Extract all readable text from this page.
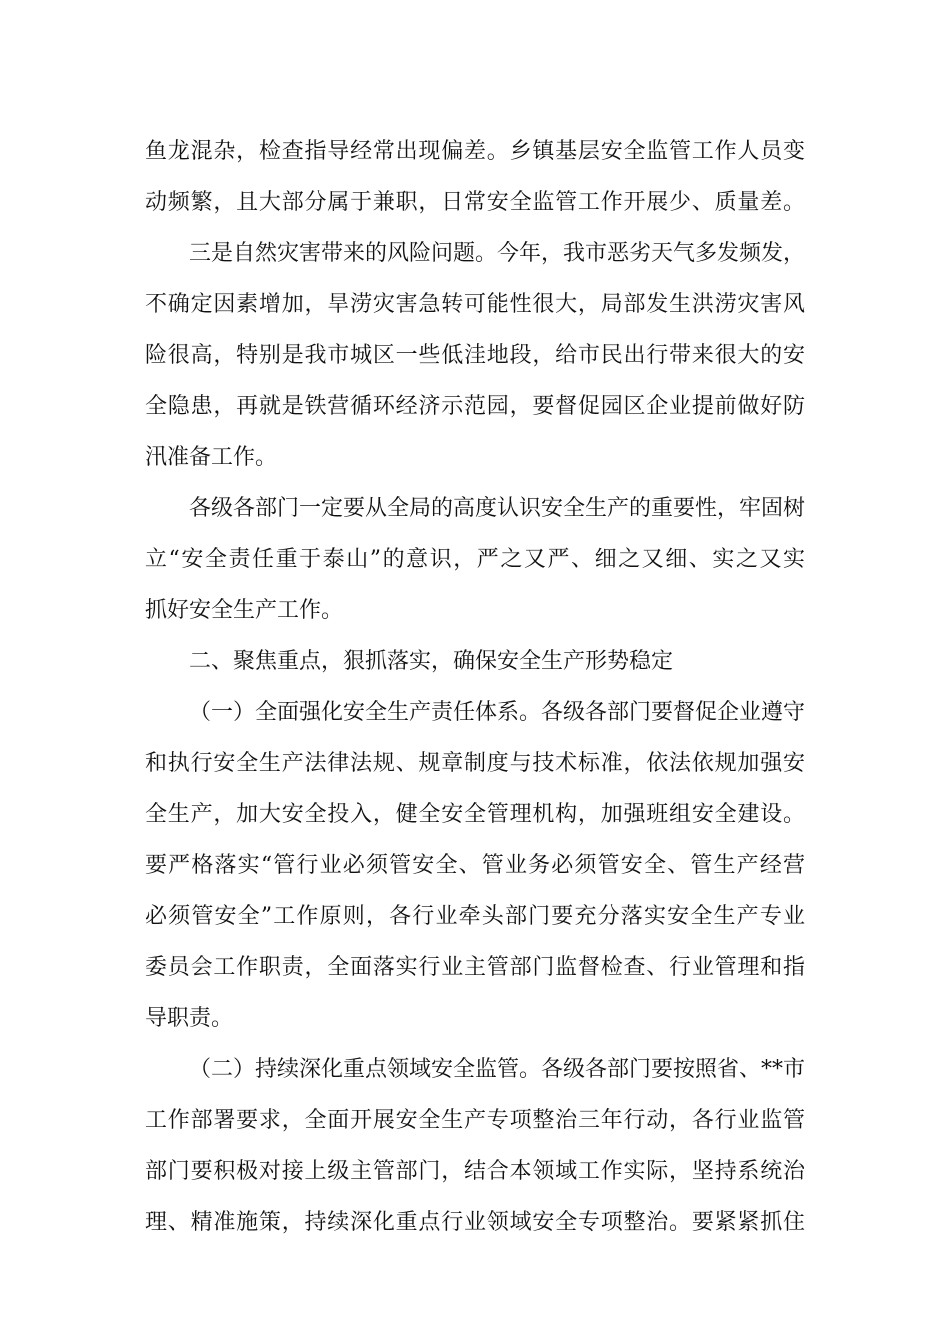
鱼龙混杂，检查指导经常出现偏差。乡镇基层安全监管工作人员变
动频繁，且大部分属于兼职，日常安全监管工作开展少、质量差。
三是自然灾害带来的风险问题。今年，我市恶劣天气多发频发，
不确定因素增加，旱涝灾害急转可能性很大，局部发生洪涝灾害风
险很高，特别是我市城区一些低洼地段，给市民出行带来很大的安
全隐患，再就是铁营循环经济示范园，要督促园区企业提前做好防
汛准备工作。
各级各部门一定要从全局的高度认识安全生产的重要性，牢固树
立“安全责任重于泰山”的意识，严之又严、细之又细、实之又实
抓好安全生产工作。
二、聚焦重点，狠抓落实，确保安全生产形势稳定
（一）全面强化安全生产责任体系。各级各部门要督促企业遵守
和执行安全生产法律法规、规章制度与技术标准，依法依规加强安
全生产，加大安全投入，健全安全管理机构，加强班组安全建设。
要严格落实“管行业必须管安全、管业务必须管安全、管生产经营
必须管安全”工作原则，各行业牵头部门要充分落实安全生产专业
委员会工作职责，全面落实行业主管部门监督检查、行业管理和指
导职责。
（二）持续深化重点领域安全监管。各级各部门要按照省、**市
工作部署要求，全面开展安全生产专项整治三年行动，各行业监管
部门要积极对接上级主管部门，结合本领域工作实际，坚持系统治
理、精准施策，持续深化重点行业领域安全专项整治。要紧紧抓住
